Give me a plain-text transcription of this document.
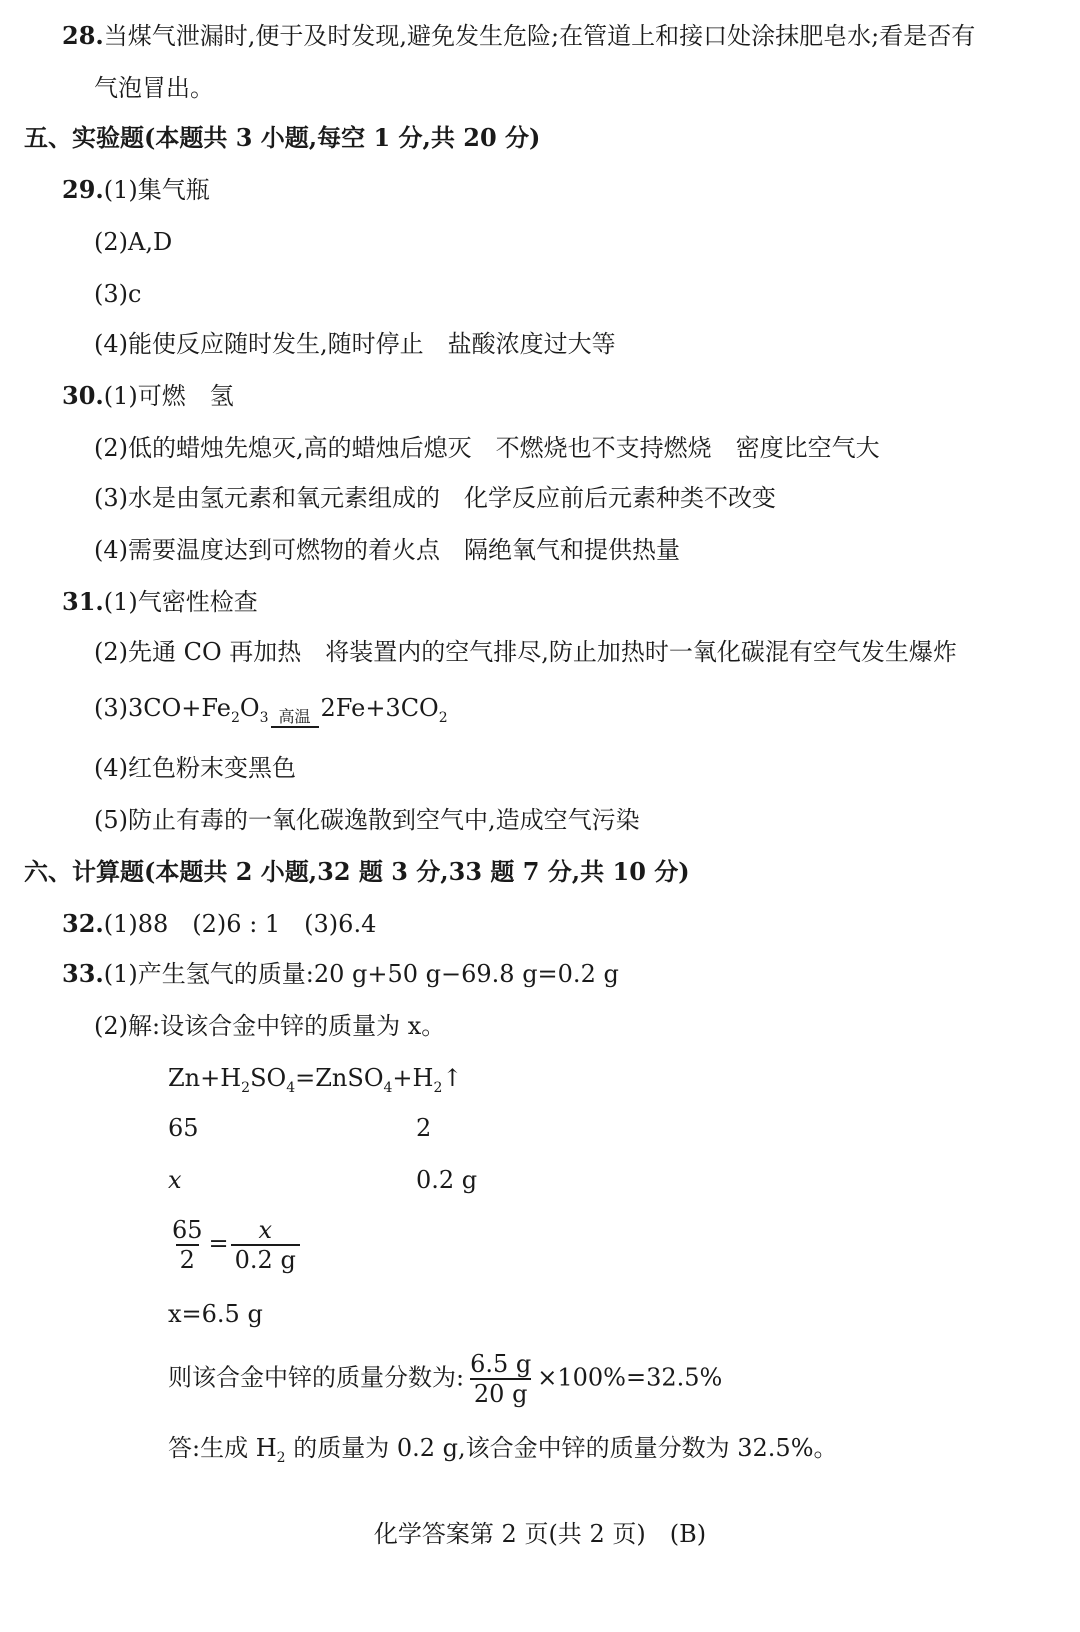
28.当煤气泄漏时,便于及时发现,避免发生危险;在管道上和接口处涂抹肥皂水;看是否有
气泡冒出。
五、实验题(本题共 3 小题,每空 1 分,共 20 分)
29.(1)集气瓶
(2)A,D
(3)c
(4)能使反应随时发生,随时停止　盐酸浓度过大等
30.(1)可燃　氢
(2)低的蜡烛先熄灭,高的蜡烛后熄灭　不燃烧也不支持燃烧　密度比空气大
(3)水是由氢元素和氧元素组成的　化学反应前后元素种类不改变
(4)需要温度达到可燃物的着火点　隔绝氧气和提供热量
31.(1)气密性检查
(2)先通 CO 再加热　将装置内的空气排尽,防止加热时一氧化碳混有空气发生爆炸
$(3)3CO+Fe_2O_3$ 高温 $2Fe+3CO_2$
(4)红色粉末变黑色
(5)防止有毒的一氧化碳逸散到空气中,造成空气污染
六、计算题(本题共 2 小题,32 题 3 分,33 题 7 分,共 10 分)
32.(1)88　(2)6 : 1　(3)6.4
33.(1)产生氢气的质量:20 g+50 g−69.8 g=0.2 g
(2)解:设该合金中锌的质量为 x。
$Zn+H_2SO_4=ZnSO_4+H_2↑$
65	2
x	0.2 g
$\frac{65}{2} = \frac{x}{0.2 g}$
x=6.5 g
则该合金中锌的质量分数为: $\frac{6.5 g}{20 g} \times 100\%=32.5\%$
答:生成 $H_2$ 的质量为 0.2 g,该合金中锌的质量分数为 32.5%。
化学答案第 2 页(共 2 页)　(B)
